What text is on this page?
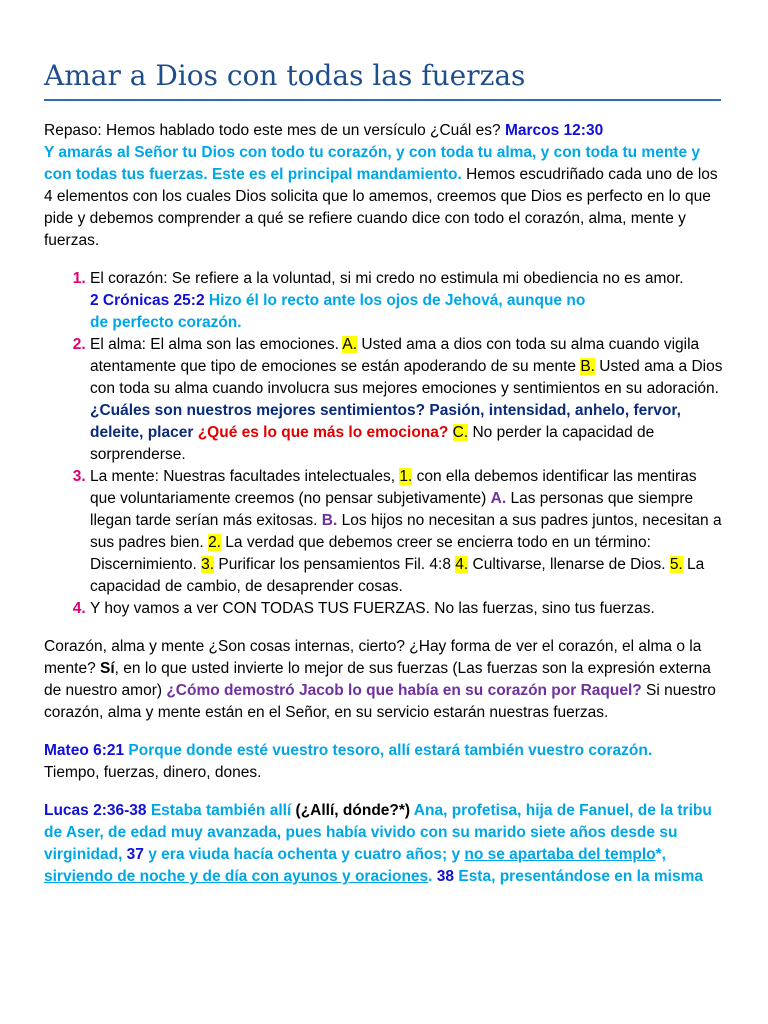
Amar a Dios con todas las fuerzas

Repaso: Hemos hablado todo este mes de un versículo ¿Cuál es? Marcos 12:30
Y amarás al Señor tu Dios con todo tu corazón, y con toda tu alma, y con toda tu mente y con todas tus fuerzas. Este es el principal mandamiento. Hemos escudriñado cada uno de los 4 elementos con los cuales Dios solicita que lo amemos, creemos que Dios es perfecto en lo que pide y debemos comprender a qué se refiere cuando dice con todo el corazón, alma, mente y fuerzas.

1. El corazón: Se refiere a la voluntad, si mi credo no estimula mi obediencia no es amor.
2 Crónicas 25:2 Hizo él lo recto ante los ojos de Jehová, aunque no
de perfecto corazón.
2. El alma: El alma son las emociones. A. Usted ama a dios con toda su alma cuando vigila atentamente que tipo de emociones se están apoderando de su mente B. Usted ama a Dios con toda su alma cuando involucra sus mejores emociones y sentimientos en su adoración. ¿Cuáles son nuestros mejores sentimientos? Pasión, intensidad, anhelo, fervor, deleite, placer ¿Qué es lo que más lo emociona? C. No perder la capacidad de sorprenderse.
3. La mente: Nuestras facultades intelectuales, 1. con ella debemos identificar las mentiras que voluntariamente creemos (no pensar subjetivamente) A. Las personas que siempre llegan tarde serían más exitosas. B. Los hijos no necesitan a sus padres juntos, necesitan a sus padres bien. 2. La verdad que debemos creer se encierra todo en un término: Discernimiento. 3. Purificar los pensamientos Fil. 4:8 4. Cultivarse, llenarse de Dios. 5. La capacidad de cambio, de desaprender cosas.
4. Y hoy vamos a ver CON TODAS TUS FUERZAS. No las fuerzas, sino tus fuerzas.

Corazón, alma y mente ¿Son cosas internas, cierto? ¿Hay forma de ver el corazón, el alma o la mente? Sí, en lo que usted invierte lo mejor de sus fuerzas (Las fuerzas son la expresión externa de nuestro amor) ¿Cómo demostró Jacob lo que había en su corazón por Raquel? Si nuestro corazón, alma y mente están en el Señor, en su servicio estarán nuestras fuerzas.

Mateo 6:21 Porque donde esté vuestro tesoro, allí estará también vuestro corazón.
Tiempo, fuerzas, dinero, dones.

Lucas 2:36-38 Estaba también allí (¿Allí, dónde?*) Ana, profetisa, hija de Fanuel, de la tribu de Aser, de edad muy avanzada, pues había vivido con su marido siete años desde su virginidad, 37 y era viuda hacía ochenta y cuatro años; y no se apartaba del templo*, sirviendo de noche y de día con ayunos y oraciones. 38 Esta, presentándose en la misma
